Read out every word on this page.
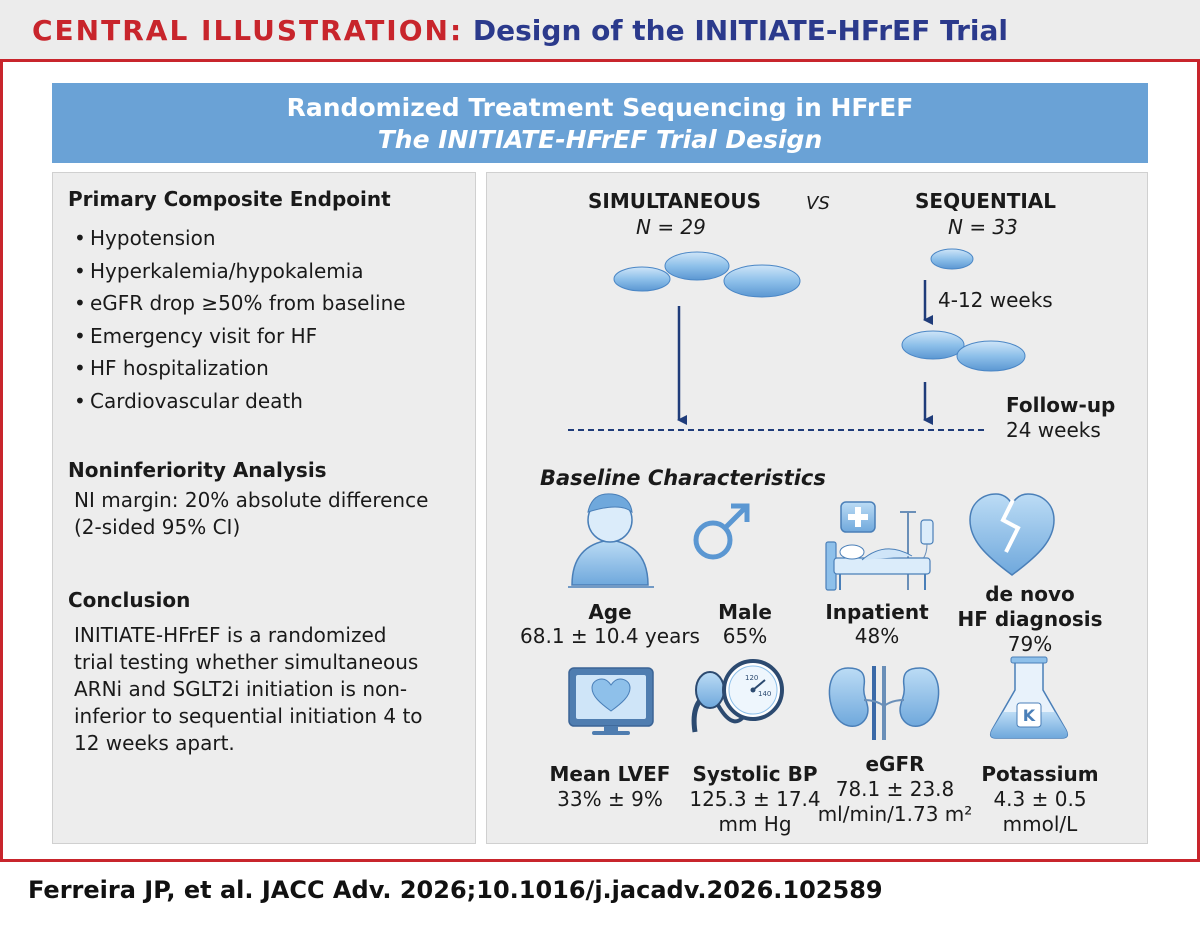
CENTRAL ILLUSTRATION: Design of the INITIATE-HFrEF Trial
Randomized Treatment Sequencing in HFrEF
The INITIATE-HFrEF Trial Design
Primary Composite Endpoint
• Hypotension
• Hyperkalemia/hypokalemia
• eGFR drop ≥50% from baseline
• Emergency visit for HF
• HF hospitalization
• Cardiovascular death
Noninferiority Analysis
NI margin: 20% absolute difference
(2-sided 95% CI)
Conclusion
INITIATE-HFrEF is a randomized
trial testing whether simultaneous
ARNi and SGLT2i initiation is non-
inferior to sequential initiation 4 to
12 weeks apart.
120
140
K
SIMULTANEOUS
N = 29
VS	SEQUENTIAL
N = 33
4-12 weeks
Follow-up
24 weeks
Baseline Characteristics
Age
68.1 ± 10.4 years
Male
65%
Inpatient
48%
de novo
HF diagnosis
79%
Mean LVEF
33% ± 9%
Systolic BP
125.3 ± 17.4
mm Hg
eGFR
78.1 ± 23.8
ml/min/1.73 m²
Potassium
4.3 ± 0.5
mmol/L
Ferreira JP, et al. JACC Adv. 2026;10.1016/j.jacadv.2026.102589
